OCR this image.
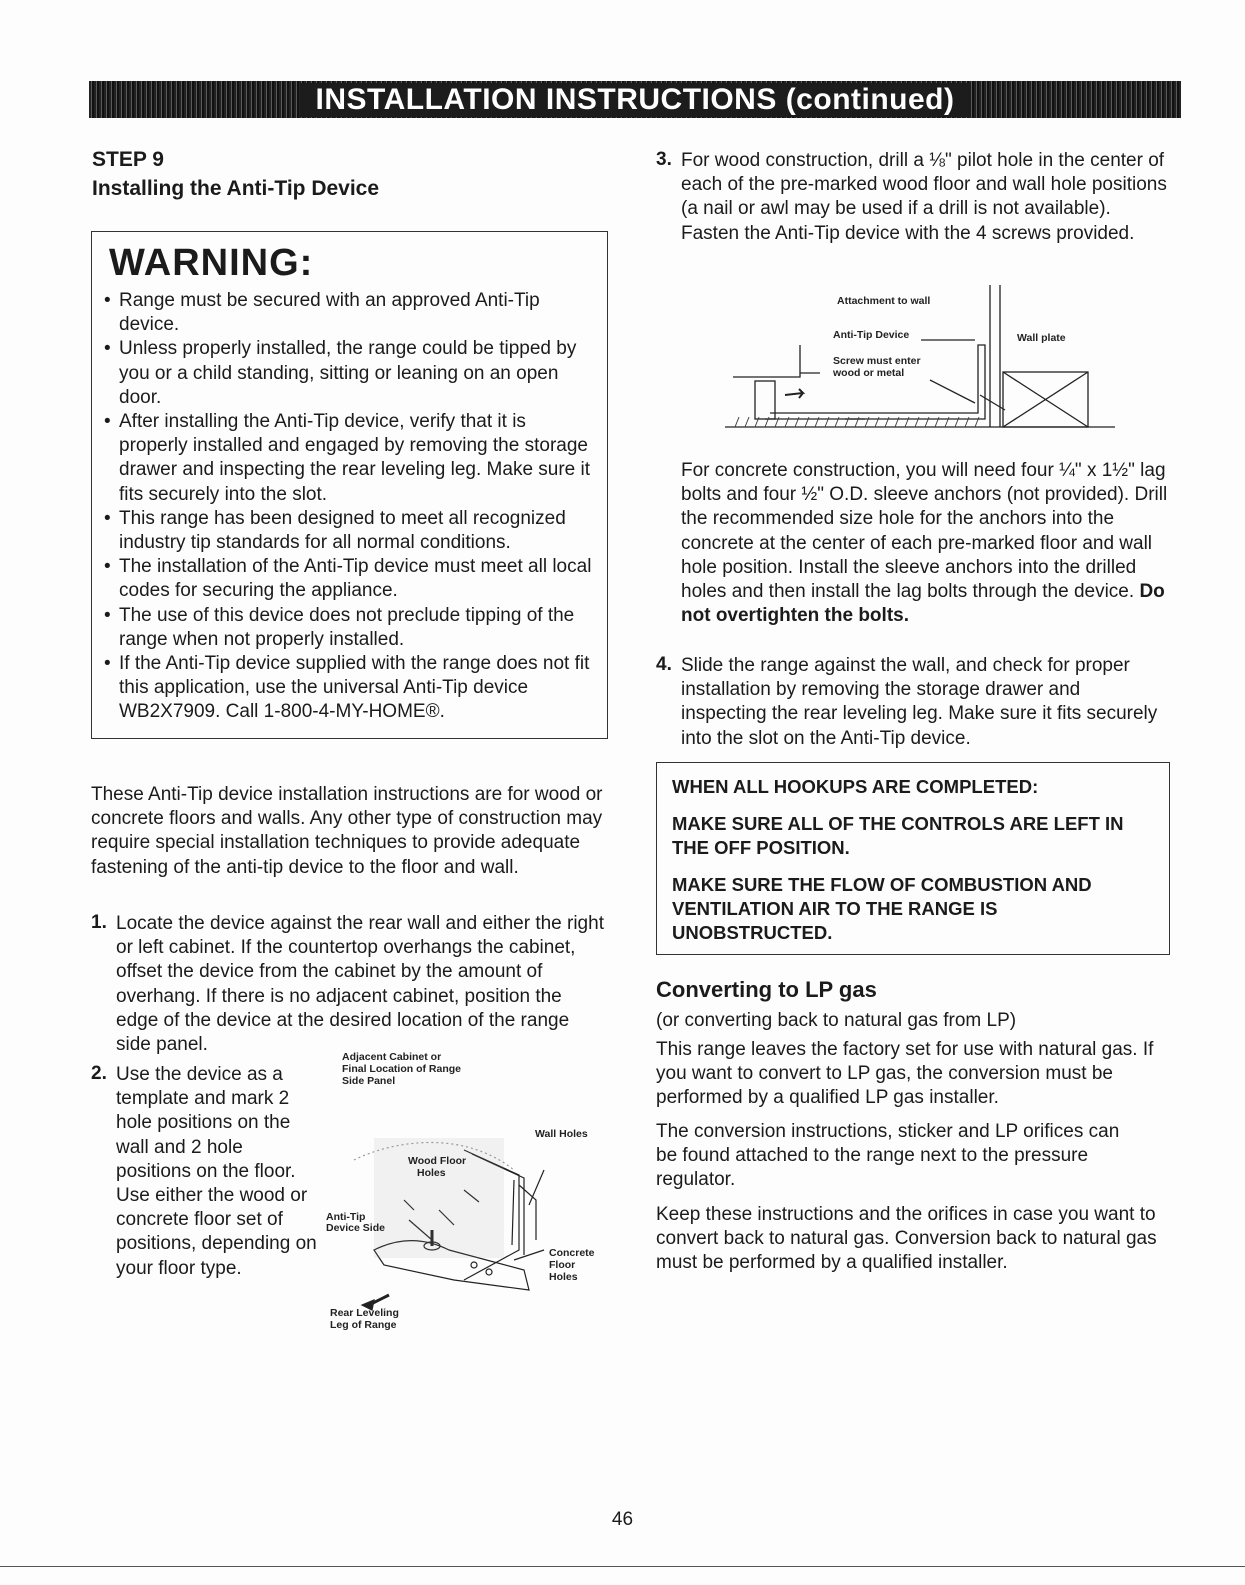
INSTALLATION INSTRUCTIONS (continued)
STEP 9
Installing the Anti-Tip Device
WARNING:
• Range must be secured with an approved Anti-Tip device.
• Unless properly installed, the range could be tipped by you or a child standing, sitting or leaning on an open door.
• After installing the Anti-Tip device, verify that it is properly installed and engaged by removing the storage drawer and inspecting the rear leveling leg. Make sure it fits securely into the slot.
• This range has been designed to meet all recognized industry tip standards for all normal conditions.
• The installation of the Anti-Tip device must meet all local codes for securing the appliance.
• The use of this device does not preclude tipping of the range when not properly installed.
• If the Anti-Tip device supplied with the range does not fit this application, use the universal Anti-Tip device WB2X7909. Call 1-800-4-MY-HOME®.

These Anti-Tip device installation instructions are for wood or concrete floors and walls. Any other type of construction may require special installation techniques to provide adequate fastening of the anti-tip device to the floor and wall.

1. Locate the device against the rear wall and either the right or left cabinet. If the countertop overhangs the cabinet, offset the device from the cabinet by the amount of overhang. If there is no adjacent cabinet, position the edge of the device at the desired location of the range side panel.
2. Use the device as a template and mark 2 hole positions on the wall and 2 hole positions on the floor. Use either the wood or concrete floor set of positions, depending on your floor type.
Adjacent Cabinet or
Final Location of Range
Side Panel
Wall Holes
Wood Floor
Holes
Anti-Tip
Device Side
Concrete
Floor
Holes
Rear Leveling
Leg of Range
3. For wood construction, drill a ⅛" pilot hole in the center of each of the pre-marked wood floor and wall hole positions (a nail or awl may be used if a drill is not available). Fasten the Anti-Tip device with the 4 screws provided.
Attachment to wall
Anti-Tip Device	Wall plate
Screw must enter
wood or metal

For concrete construction, you will need four ¼" x 1½" lag bolts and four ½" O.D. sleeve anchors (not provided). Drill the recommended size hole for the anchors into the concrete at the center of each pre-marked floor and wall hole position. Install the sleeve anchors into the drilled holes and then install the lag bolts through the device. Do not overtighten the bolts.

4. Slide the range against the wall, and check for proper installation by removing the storage drawer and inspecting the rear leveling leg. Make sure it fits securely into the slot on the Anti-Tip device.

WHEN ALL HOOKUPS ARE COMPLETED:

MAKE SURE ALL OF THE CONTROLS ARE LEFT IN THE OFF POSITION.

MAKE SURE THE FLOW OF COMBUSTION AND VENTILATION AIR TO THE RANGE IS UNOBSTRUCTED.

Converting to LP gas

(or converting back to natural gas from LP)

This range leaves the factory set for use with natural gas. If you want to convert to LP gas, the conversion must be performed by a qualified LP gas installer.

The conversion instructions, sticker and LP orifices can be found attached to the range next to the pressure regulator.

Keep these instructions and the orifices in case you want to convert back to natural gas. Conversion back to natural gas must be performed by a qualified installer.

46
